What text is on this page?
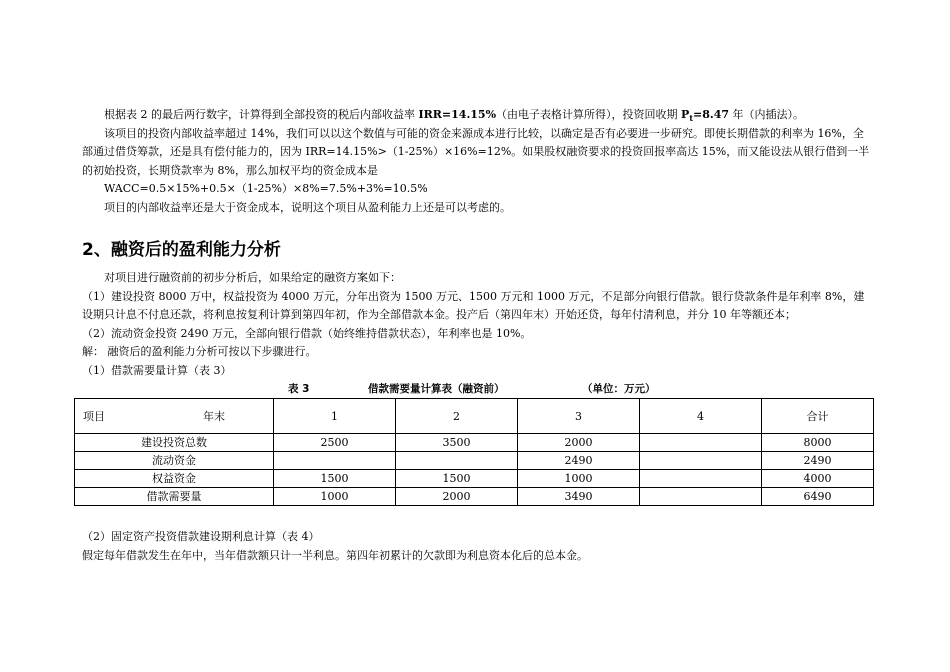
根据表 2 的最后两行数字，计算得到全部投资的税后内部收益率 IRR=14.15%（由电子表格计算所得），投资回收期 $P_t=8.47$ 年（内插法）。

该项目的投资内部收益率超过 14%，我们可以以这个数值与可能的资金来源成本进行比较，以确定是否有必要进一步研究。即使长期借款的利率为 16%，全部通过借贷筹款，还是具有偿付能力的，因为 IRR=14.15%>（1-25%）×16%=12%。如果股权融资要求的投资回报率高达 15%，而又能设法从银行借到一半的初始投资，长期贷款率为 8%，那么加权平均的资金成本是

WACC=0.5×15%+0.5×（1-25%）×8%=7.5%+3%=10.5%

项目的内部收益率还是大于资金成本，说明这个项目从盈利能力上还是可以考虑的。

2、融资后的盈利能力分析

对项目进行融资前的初步分析后，如果给定的融资方案如下：

（1）建设投资 8000 万中，权益投资为 4000 万元，分年出资为 1500 万元、1500 万元和 1000 万元，不足部分向银行借款。银行贷款条件是年利率 8%，建设期只计息不付息还款，将利息按复利计算到第四年初，作为全部借款本金。投产后（第四年末）开始还贷，每年付清利息，并分 10 年等额还本；

（2）流动资金投资 2490 万元，全部向银行借款（始终维持借款状态），年利率也是 10%。

解： 融资后的盈利能力分析可按以下步骤进行。

（1）借款需要量计算（表 3）

表 3	借款需要量计算表（融资前）	（单位：万元）
项目 年末	1	2	3	4	合计
建设投资总数	2500	3500	2000		8000
流动资金			2490		2490
权益资金	1500	1500	1000		4000
借款需要量	1000	2000	3490		6490

（2）固定资产投资借款建设期利息计算（表 4）

假定每年借款发生在年中，当年借款额只计一半利息。第四年初累计的欠款即为利息资本化后的总本金。
